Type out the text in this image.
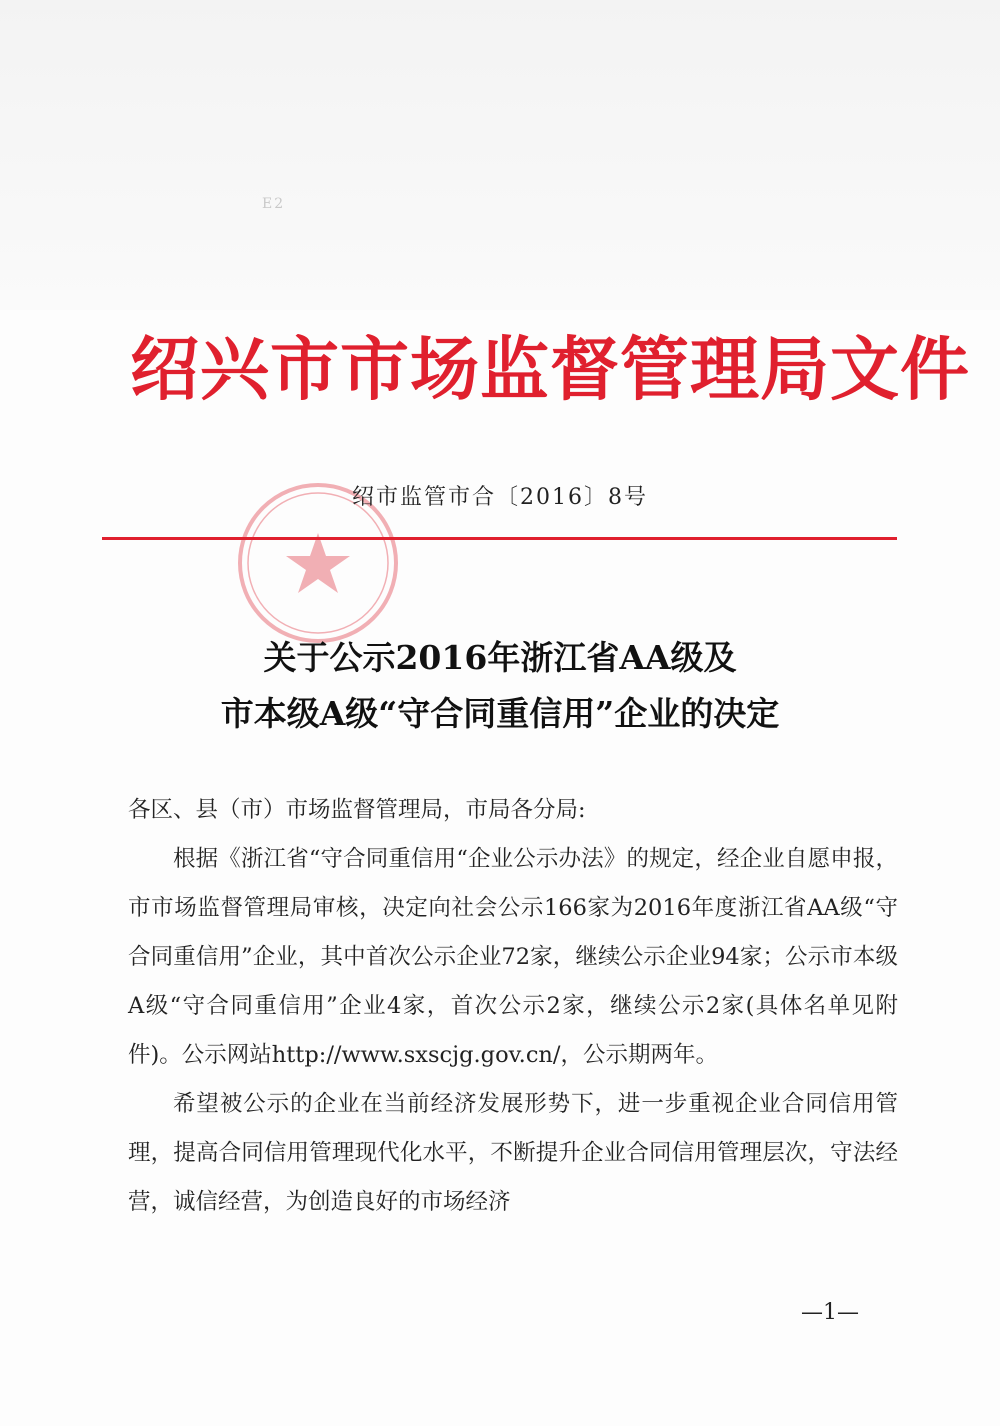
E2
绍兴市市场监督管理局文件
绍市监管市合〔2016〕8号
关于公示2016年浙江省AA级及
市本级A级“守合同重信用”企业的决定

各区、县（市）市场监督管理局，市局各分局:

根据《浙江省“守合同重信用“企业公示办法》的规定，经企业自愿申报，市市场监督管理局审核，决定向社会公示166家为2016年度浙江省AA级“守合同重信用”企业，其中首次公示企业72家，继续公示企业94家；公示市本级A级“守合同重信用”企业4家，首次公示2家，继续公示2家(具体名单见附件)。公示网站http://www.sxscjg.gov.cn/，公示期两年。

希望被公示的企业在当前经济发展形势下，进一步重视企业合同信用管理，提高合同信用管理现代化水平，不断提升企业合同信用管理层次，守法经营，诚信经营，为创造良好的市场经济

—1—
